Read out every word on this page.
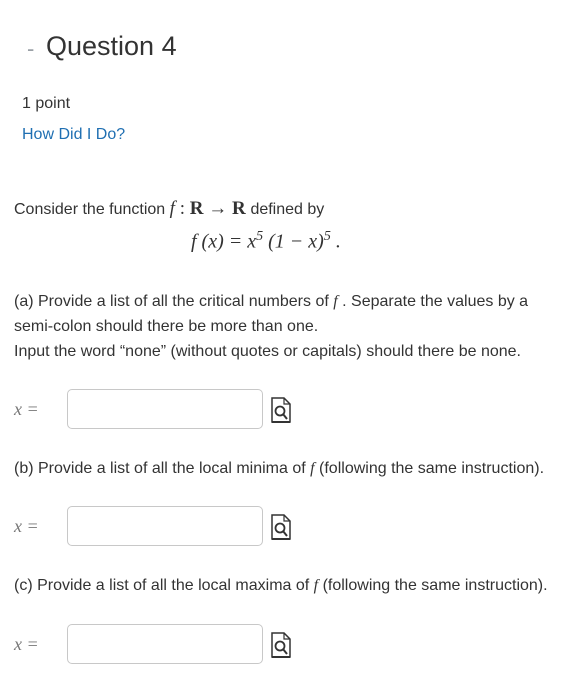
- Question 4
1 point
How Did I Do?
Consider the function f : R → R defined by
f $(x) = x^5$ $(1 - x)^5$ .
(a) Provide a list of all the critical numbers of f . Separate the values by a semi-colon should there be more than one.
Input the word “none” (without quotes or capitals) should there be none.
x =
(b) Provide a list of all the local minima of f (following the same instruction).
x =
(c) Provide a list of all the local maxima of f (following the same instruction).
x =
